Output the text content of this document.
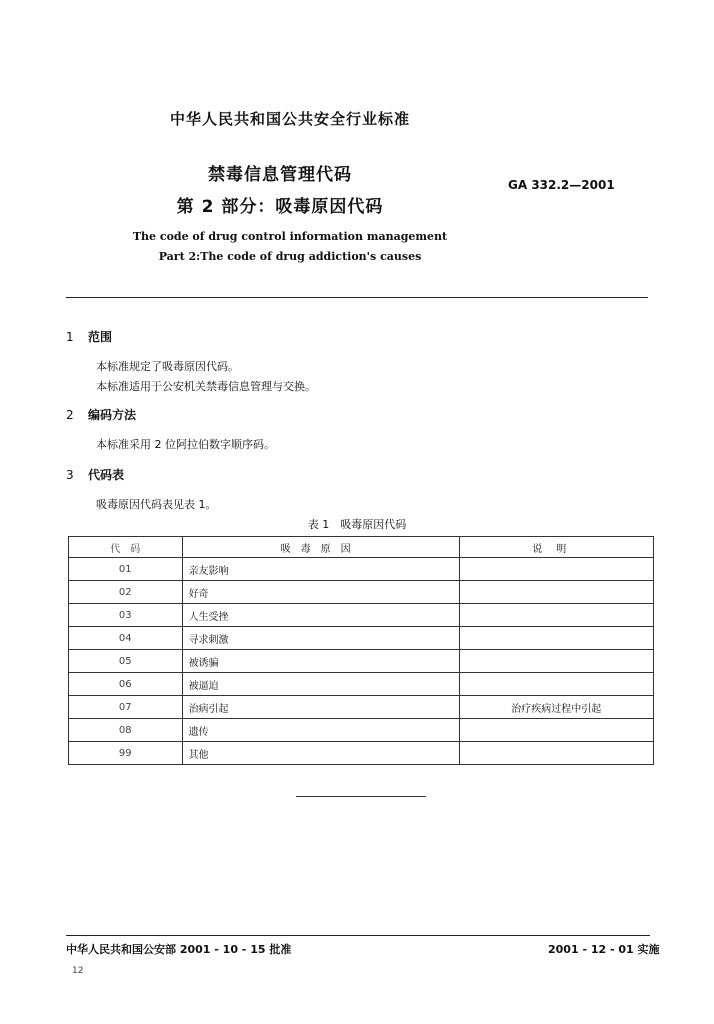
中华人民共和国公共安全行业标准
禁毒信息管理代码
第 2 部分：吸毒原因代码
GA 332.2—2001
The code of drug control information management
Part 2:The code of drug addiction's causes
1 范围
本标准规定了吸毒原因代码。
本标准适用于公安机关禁毒信息管理与交换。
2 编码方法
本标准采用 2 位阿拉伯数字顺序码。
3 代码表
吸毒原因代码表见表 1。
表 1　吸毒原因代码
代　码	吸毒原因	说明
01	亲友影响	
02	好奇	
03	人生受挫	
04	寻求刺激	
05	被诱骗	
06	被逼迫	
07	治病引起	治疗疾病过程中引起
08	遗传	
99	其他	
中华人民共和国公安部 2001 - 10 - 15 批准	2001 - 12 - 01 实施
12
